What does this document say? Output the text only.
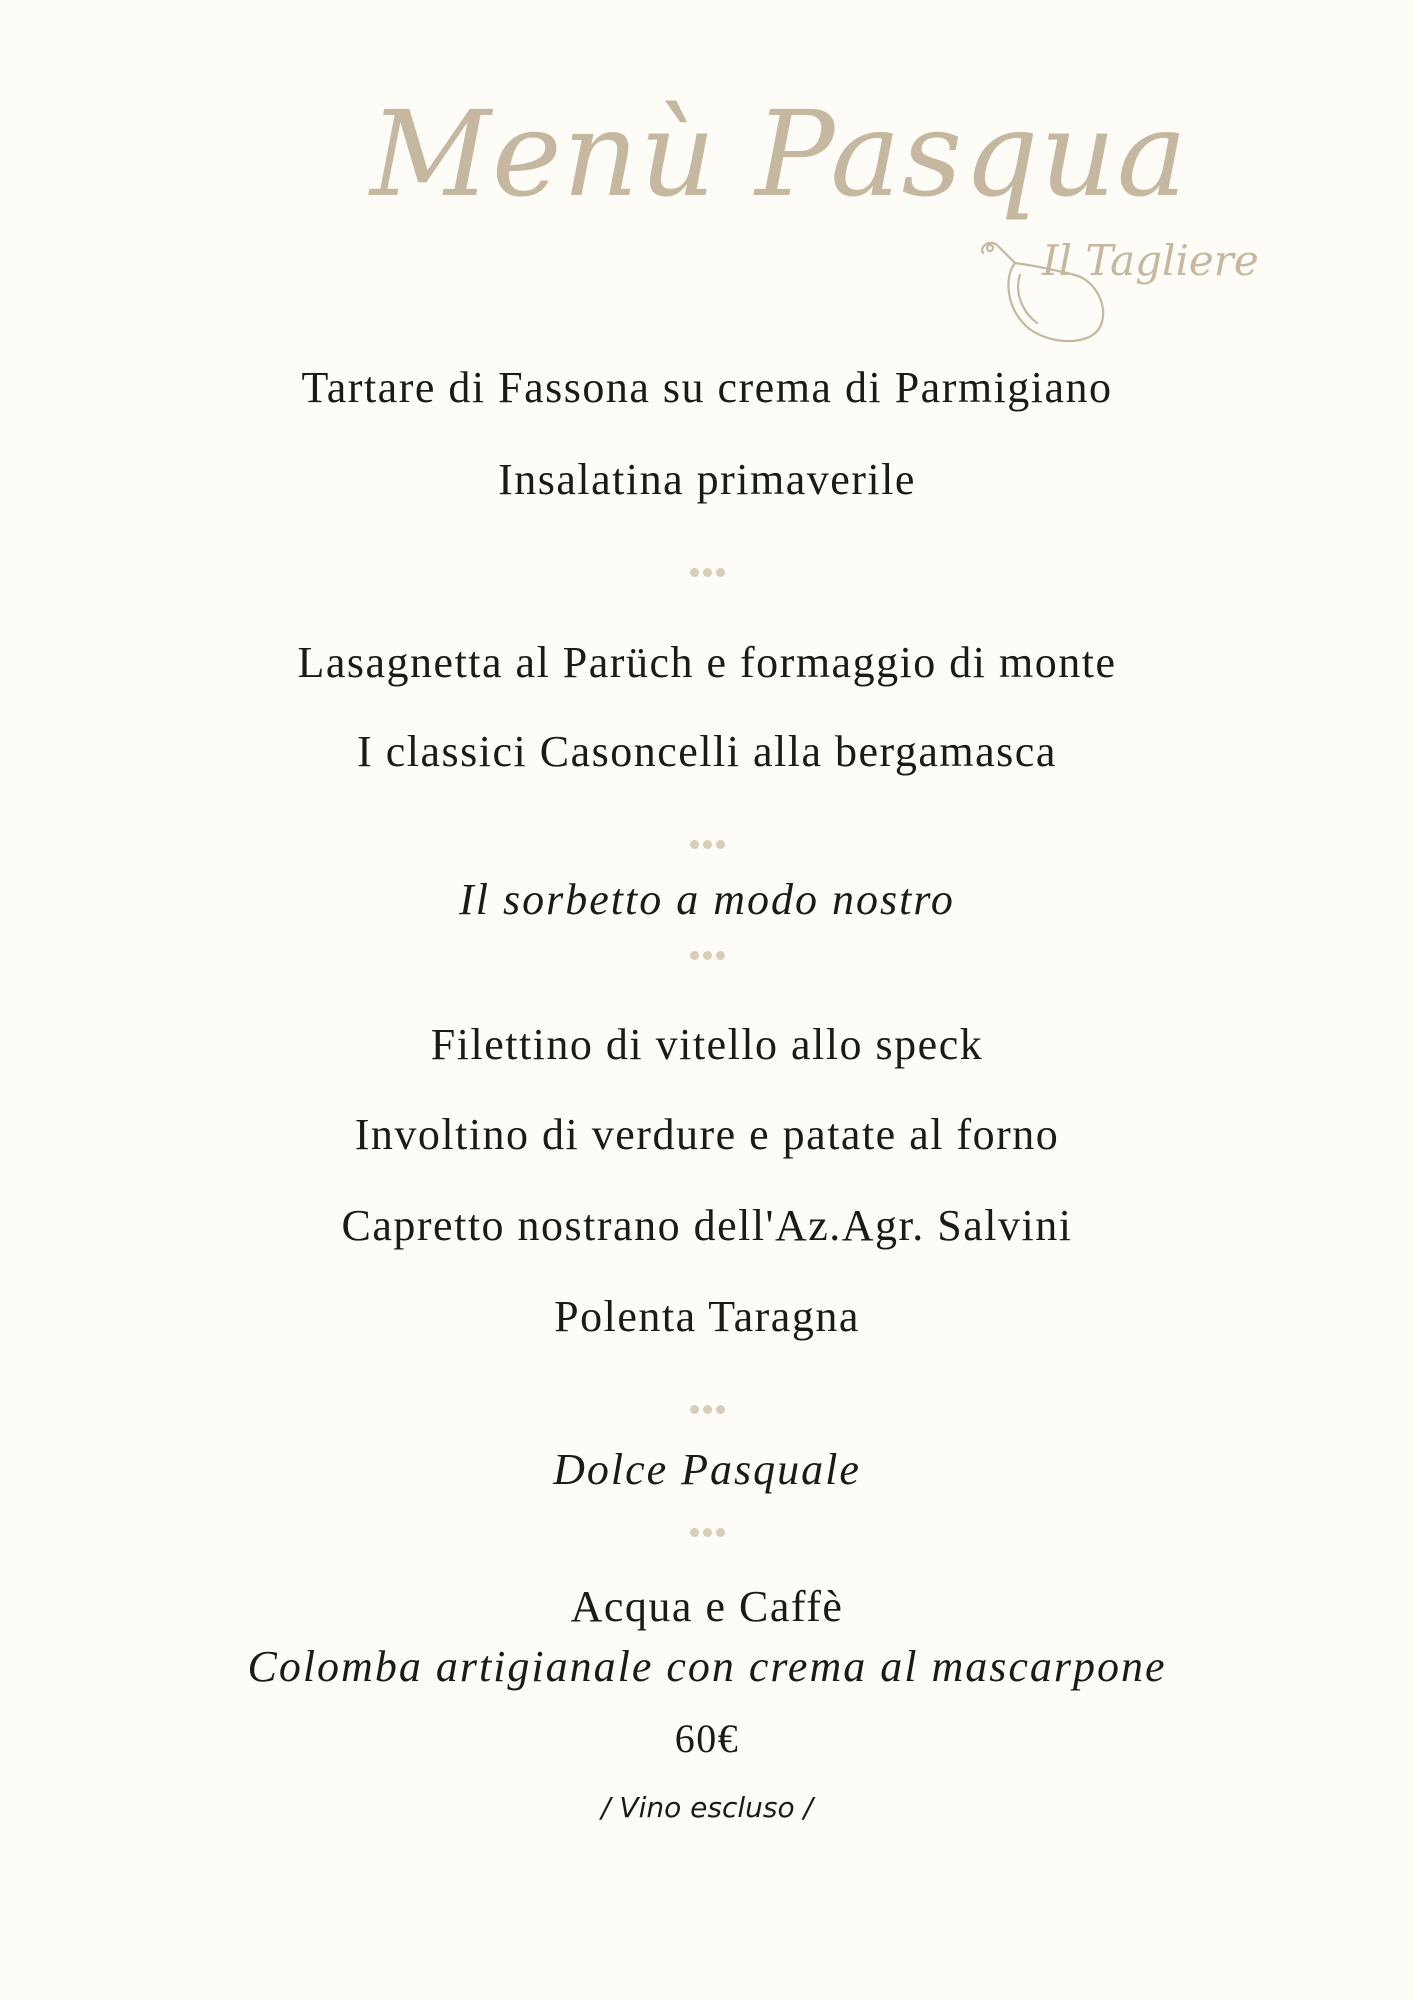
Menù Pasqua
Il Tagliere
Tartare di Fassona su crema di Parmigiano
Insalatina primaverile
Lasagnetta al Parüch e formaggio di monte
I classici Casoncelli alla bergamasca
Il sorbetto a modo nostro
Filettino di vitello allo speck
Involtino di verdure e patate al forno
Capretto nostrano dell'Az.Agr. Salvini
Polenta Taragna
Dolce Pasquale
Acqua e Caffè
Colomba artigianale con crema al mascarpone
60€
/ Vino escluso /
